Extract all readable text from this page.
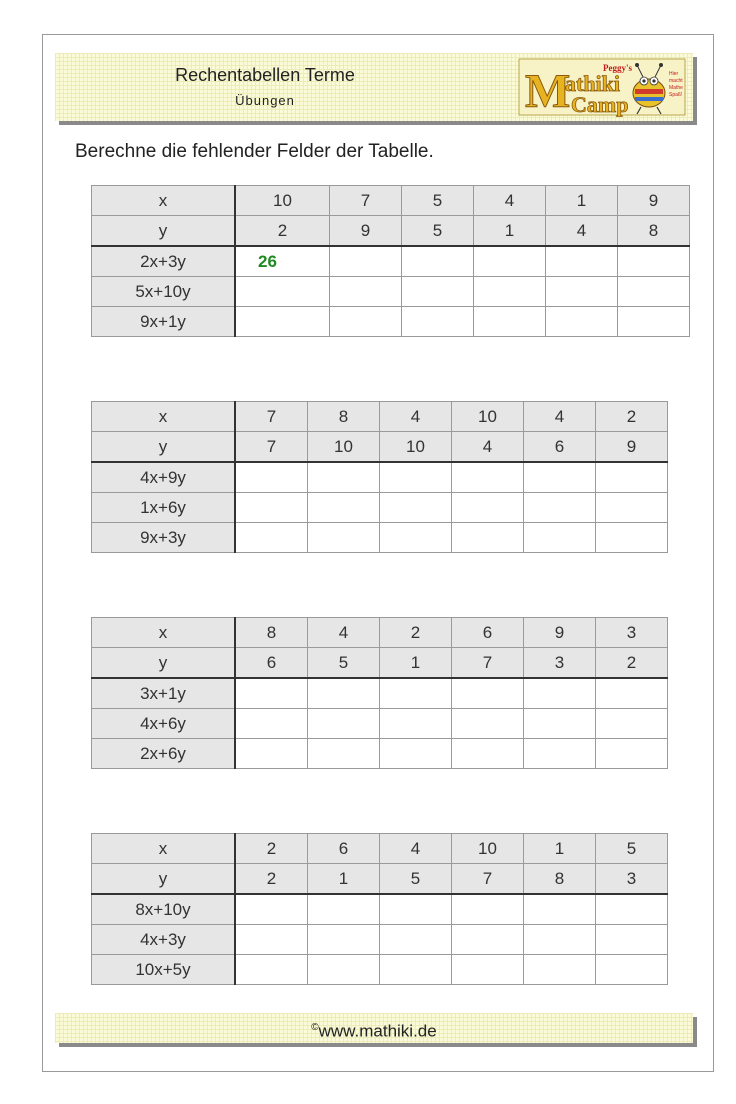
Rechentabellen Terme
Übungen	M
athiki
Camp
Peggy's
Hier
macht
Mathe
Spaß!
Berechne die fehlender Felder der Tabelle.
x	10	7	5	4	1	9
y	2	9	5	1	4	8
2x+3y	26					
5x+10y						
9x+1y						
x	7	8	4	10	4	2
y	7	10	10	4	6	9
4x+9y						
1x+6y						
9x+3y						
x	8	4	2	6	9	3
y	6	5	1	7	3	2
3x+1y						
4x+6y						
2x+6y						
x	2	6	4	10	1	5
y	2	1	5	7	8	3
8x+10y						
4x+3y						
10x+5y						
©www.mathiki.de
